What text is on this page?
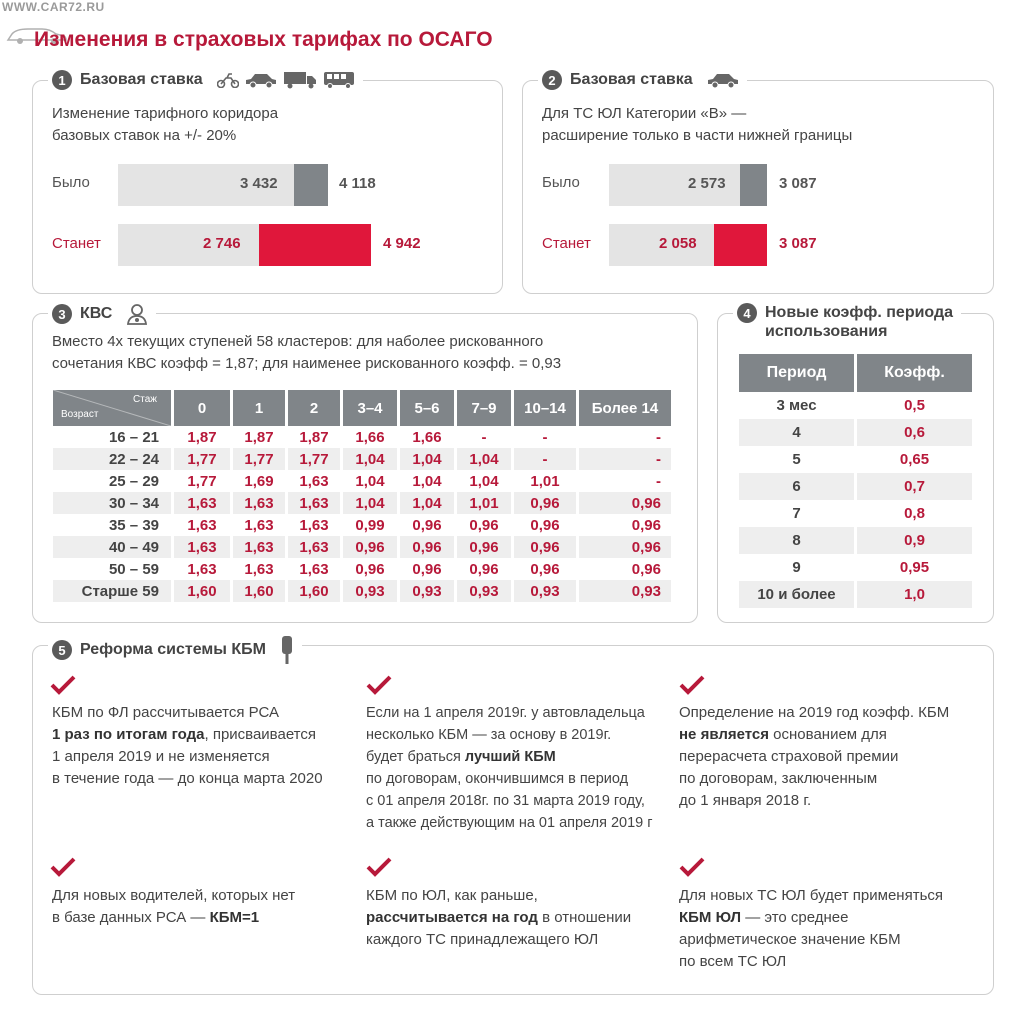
WWW.CAR72.RU
Изменения в страховых тарифах по ОСАГО
1 Базовая ставка
Изменение тарифного коридора
базовых ставок на +/- 20%
Было	3 432	4 118
Станет	2 746	4 942
2 Базовая ставка
Для ТС ЮЛ Категории «В» —
расширение только в части нижней границы
Было	2 573	3 087
Станет	2 058	3 087
3 КВС
Вместо 4х текущих ступеней 58 кластеров: для наболее рискованного
сочетания КВС коэфф = 1,87; для наименее рискованного коэфф. = 0,93
Стаж
Возраст	0	1	2	3–4	5–6	7–9	10–14	Более 14
16 – 21	1,87	1,87	1,87	1,66	1,66	-	-	-
22 – 24	1,77	1,77	1,77	1,04	1,04	1,04	-	-
25 – 29	1,77	1,69	1,63	1,04	1,04	1,04	1,01	-
30 – 34	1,63	1,63	1,63	1,04	1,04	1,01	0,96	0,96
35 – 39	1,63	1,63	1,63	0,99	0,96	0,96	0,96	0,96
40 – 49	1,63	1,63	1,63	0,96	0,96	0,96	0,96	0,96
50 – 59	1,63	1,63	1,63	0,96	0,96	0,96	0,96	0,96
Старше 59	1,60	1,60	1,60	0,93	0,93	0,93	0,93	0,93
4 Новые коэфф. периода
использования
Период	Коэфф.
3 мес	0,5
4	0,6
5	0,65
6	0,7
7	0,8
8	0,9
9	0,95
10 и более	1,0
5 Реформа системы КБМ
КБМ по ФЛ рассчитывается РСА
1 раз по итогам года, присваивается
1 апреля 2019 и не изменяется
в течение года — до конца марта 2020
Если на 1 апреля 2019г. у автовладельца
несколько КБМ — за основу в 2019г.
будет браться лучший КБМ
по договорам, окончившимся в период
с 01 апреля 2018г. по 31 марта 2019 году,
а также действующим на 01 апреля 2019 г
Определение на 2019 год коэфф. КБМ
не является основанием для
перерасчета страховой премии
по договорам, заключенным
до 1 января 2018 г.
Для новых водителей, которых нет
в базе данных РСА — КБМ=1
КБМ по ЮЛ, как раньше,
рассчитывается на год в отношении
каждого ТС принадлежащего ЮЛ
Для новых ТС ЮЛ будет применяться
КБМ ЮЛ — это среднее
арифметическое значение КБМ
по всем ТС ЮЛ
